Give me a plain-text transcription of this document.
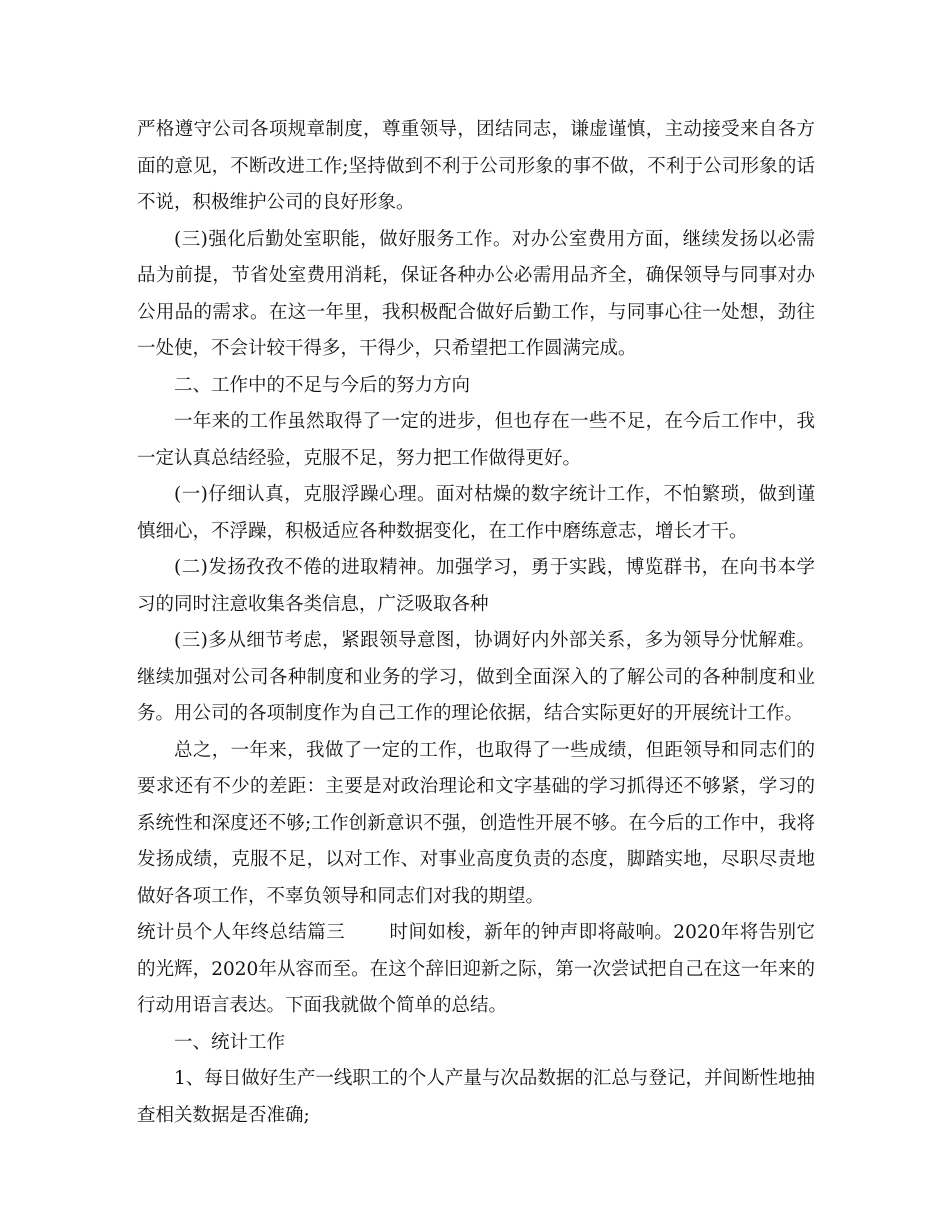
严格遵守公司各项规章制度，尊重领导，团结同志，谦虚谨慎，主动接受来自各方面的意见，不断改进工作;坚持做到不利于公司形象的事不做，不利于公司形象的话不说，积极维护公司的良好形象。

(三)强化后勤处室职能，做好服务工作。对办公室费用方面，继续发扬以必需品为前提，节省处室费用消耗，保证各种办公必需用品齐全，确保领导与同事对办公用品的需求。在这一年里，我积极配合做好后勤工作，与同事心往一处想，劲往一处使，不会计较干得多，干得少，只希望把工作圆满完成。

二、工作中的不足与今后的努力方向

一年来的工作虽然取得了一定的进步，但也存在一些不足，在今后工作中，我一定认真总结经验，克服不足，努力把工作做得更好。

(一)仔细认真，克服浮躁心理。面对枯燥的数字统计工作，不怕繁琐，做到谨慎细心，不浮躁，积极适应各种数据变化，在工作中磨练意志，增长才干。

(二)发扬孜孜不倦的进取精神。加强学习，勇于实践，博览群书，在向书本学习的同时注意收集各类信息，广泛吸取各种

(三)多从细节考虑，紧跟领导意图，协调好内外部关系，多为领导分忧解难。继续加强对公司各种制度和业务的学习，做到全面深入的了解公司的各种制度和业务。用公司的各项制度作为自己工作的理论依据，结合实际更好的开展统计工作。

总之，一年来，我做了一定的工作，也取得了一些成绩，但距领导和同志们的要求还有不少的差距：主要是对政治理论和文字基础的学习抓得还不够紧，学习的系统性和深度还不够;工作创新意识不强，创造性开展不够。在今后的工作中，我将发扬成绩，克服不足，以对工作、对事业高度负责的态度，脚踏实地，尽职尽责地做好各项工作，不辜负领导和同志们对我的期望。

统计员个人年终总结篇三 时间如梭，新年的钟声即将敲响。2020年将告别它的光辉，2020年从容而至。在这个辞旧迎新之际，第一次尝试把自己在这一年来的行动用语言表达。下面我就做个简单的总结。

一、统计工作

1、每日做好生产一线职工的个人产量与次品数据的汇总与登记，并间断性地抽查相关数据是否准确;
